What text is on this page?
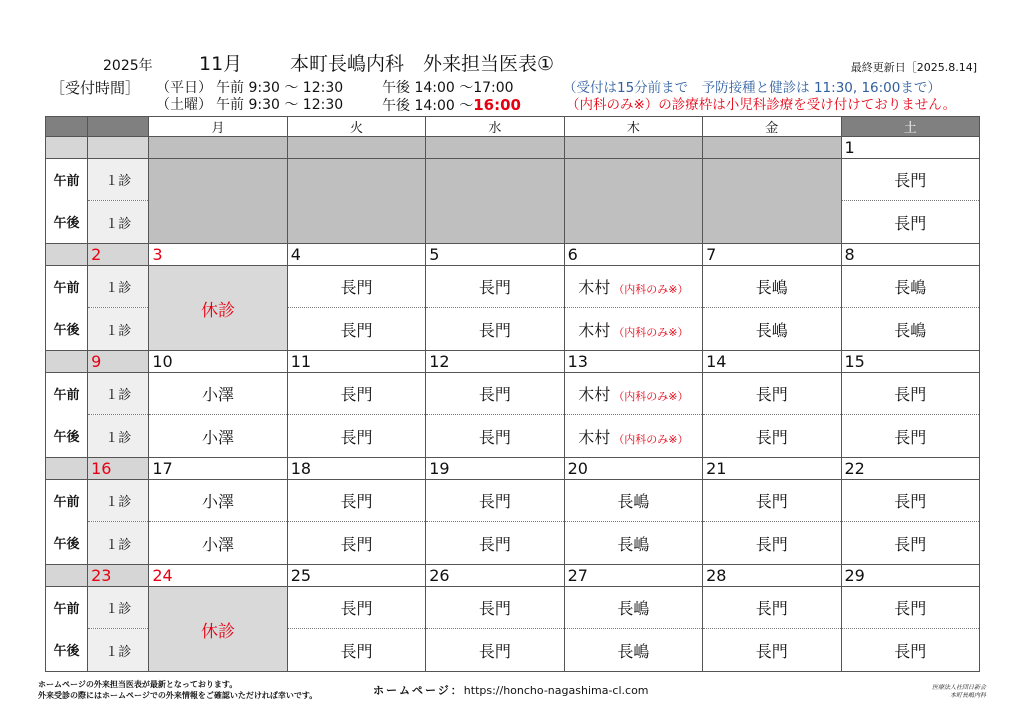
2025年 11月	本町長嶋内科　外来担当医表①	最終更新日［2025.8.14]
［受付時間］ （平日） 午前 9:30 ～ 12:30	午後 14:00 ～17:00	（受付は15分前まで　予防接種と健診は 11:30, 16:00まで）
（土曜） 午前 9:30 ～ 12:30	午後 14:00 ～16:00	（内科のみ※）の診療枠は小児科診療を受け付けておりません。
		月	火	水	木	金	土
							1
午前	１診						長門
午後	１診						長門
	2	3	4	5	6	7	8
午前	１診	休診	長門	長門	木村 （内科のみ※）	長嶋	長嶋
午後	１診		長門	長門	木村 （内科のみ※）	長嶋	長嶋
	9	10	11	12	13	14	15
午前	１診	小澤	長門	長門	木村 （内科のみ※）	長門	長門
午後	１診	小澤	長門	長門	木村 （内科のみ※）	長門	長門
	16	17	18	19	20	21	22
午前	１診	小澤	長門	長門	長嶋	長門	長門
午後	１診	小澤	長門	長門	長嶋	長門	長門
	23	24	25	26	27	28	29
午前	１診	休診	長門	長門	長嶋	長門	長門
午後	１診		長門	長門	長嶋	長門	長門
ホームページの外来担当医表が最新となっております。
外来受診の際にはホームページでの外来情報をご確認いただければ幸いです。	ホームページ：https://honcho-nagashima-cl.com	医療法人社団日新会
本町長嶋内科
